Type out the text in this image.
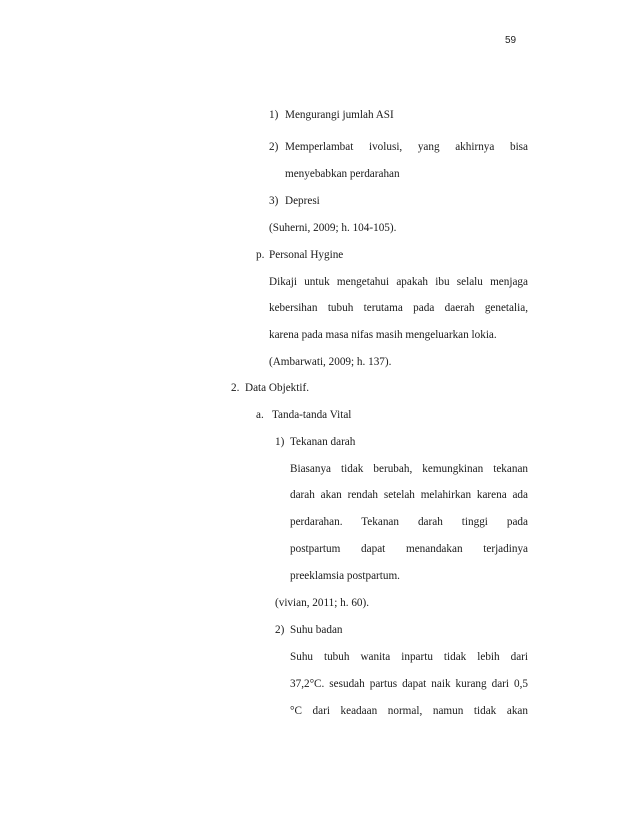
59
1) Mengurangi jumlah ASI
2) Memperlambat ivolusi, yang akhirnya bisa
menyebabkan perdarahan
3) Depresi
(Suherni, 2009; h. 104-105).
p. Personal Hygine
Dikaji untuk mengetahui apakah ibu selalu menjaga
kebersihan tubuh terutama pada daerah genetalia,
karena pada masa nifas masih mengeluarkan lokia.
(Ambarwati, 2009; h. 137).
2. Data Objektif.
a. Tanda-tanda Vital
1) Tekanan darah
Biasanya tidak berubah, kemungkinan tekanan
darah akan rendah setelah melahirkan karena ada
perdarahan. Tekanan darah tinggi pada
postpartum dapat menandakan terjadinya
preeklamsia postpartum.
(vivian, 2011; h. 60).
2) Suhu badan
Suhu tubuh wanita inpartu tidak lebih dari
37,2°C. sesudah partus dapat naik kurang dari 0,5
°C dari keadaan normal, namun tidak akan
